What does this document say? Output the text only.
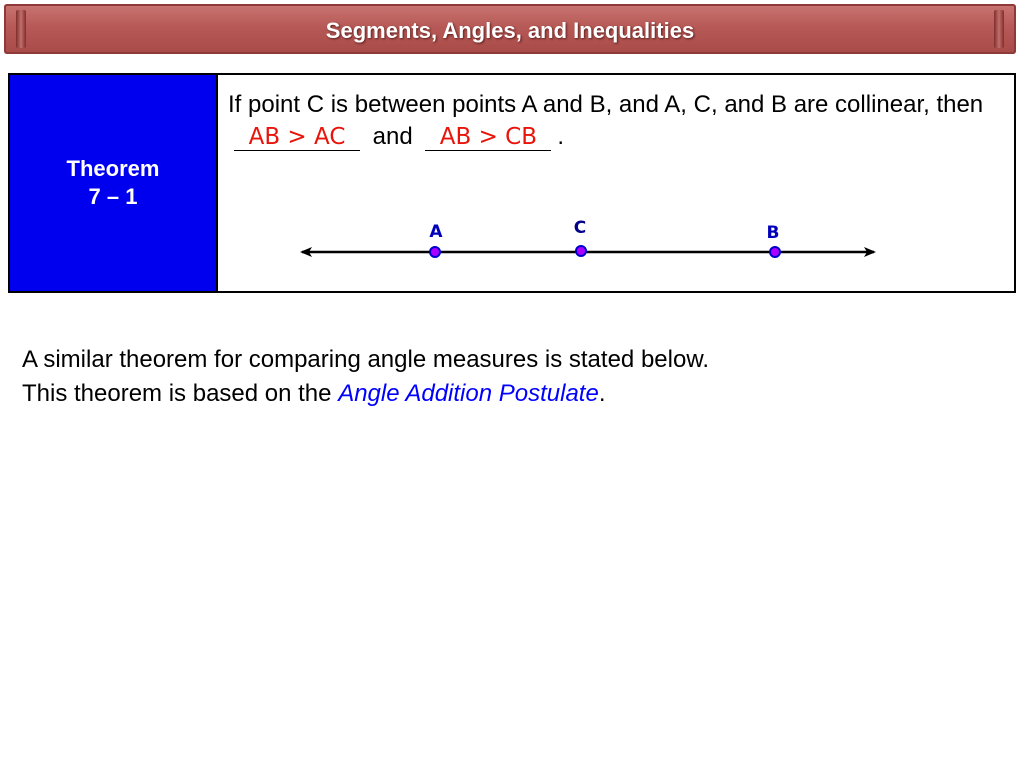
Segments, Angles, and Inequalities
Theorem
7 – 1
If point C is between points A and B, and A, C, and B are collinear, then AB > AC and AB > CB .
A	C	B
A similar theorem for comparing angle measures is stated below.
This theorem is based on the Angle Addition Postulate.
